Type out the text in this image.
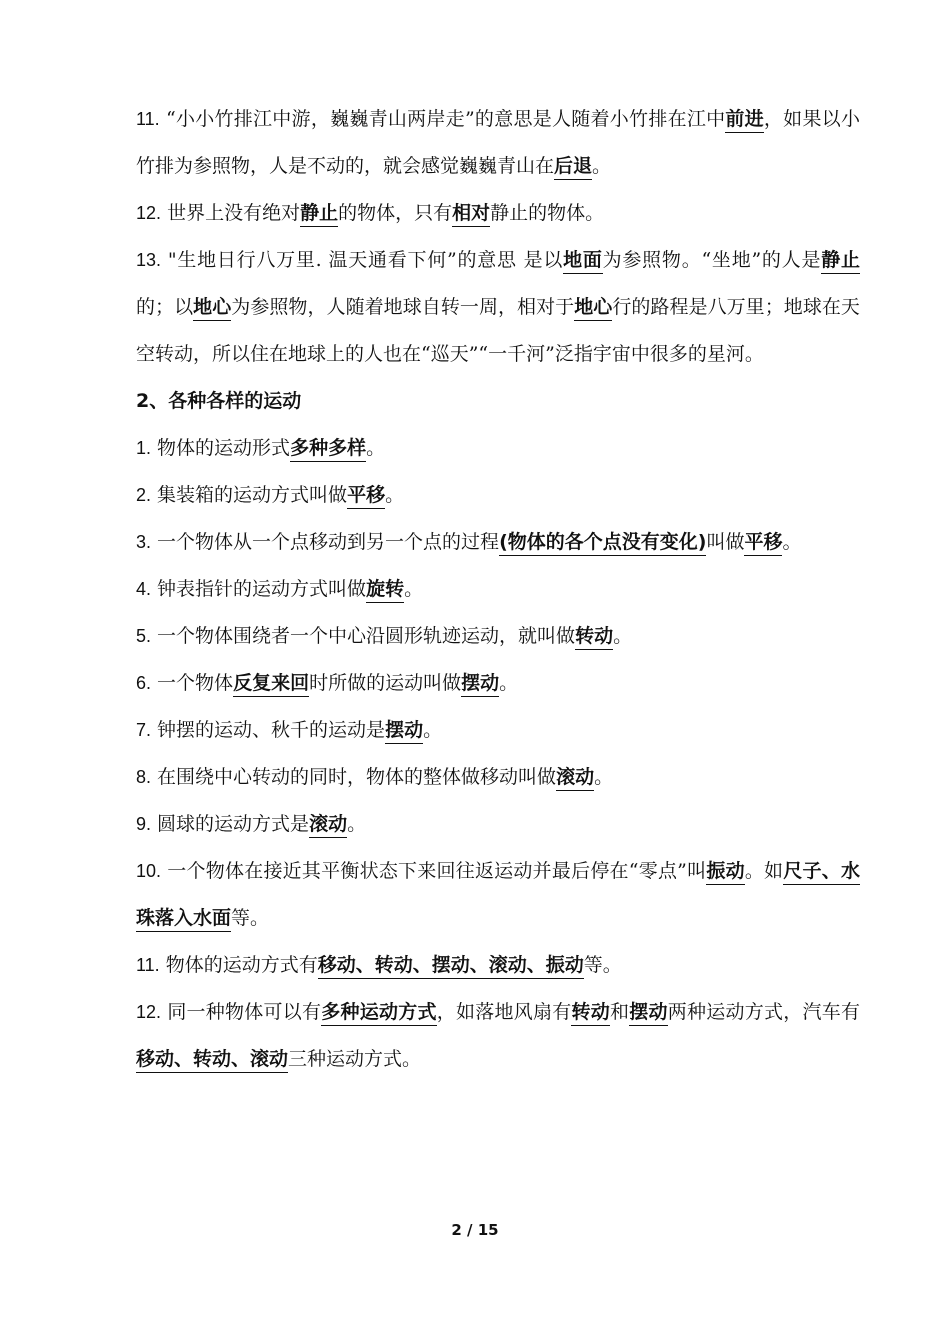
11. “小小竹排江中游，巍巍青山两岸走”的意思是人随着小竹排在江中前进，如果以小竹排为参照物，人是不动的，就会感觉巍巍青山在后退。

12. 世界上没有绝对静止的物体，只有相对静止的物体。

13. "生地日行八万里. 温天通看下何”的意思 是以地面为参照物。“坐地”的人是静止的；以地心为参照物，人随着地球自转一周，相对于地心行的路程是八万里；地球在天空转动，所以住在地球上的人也在“巡天”“一千河”泛指宇宙中很多的星河。

2、各种各样的运动

1. 物体的运动形式多种多样。

2. 集装箱的运动方式叫做平移。

3. 一个物体从一个点移动到另一个点的过程(物体的各个点没有变化)叫做平移。

4. 钟表指针的运动方式叫做旋转。

5. 一个物体围绕者一个中心沿圆形轨迹运动，就叫做转动。

6. 一个物体反复来回时所做的运动叫做摆动。

7. 钟摆的运动、秋千的运动是摆动。

8. 在围绕中心转动的同时，物体的整体做移动叫做滚动。

9. 圆球的运动方式是滚动。

10. 一个物体在接近其平衡状态下来回往返运动并最后停在“零点”叫振动。如尺子、水珠落入水面等。

11. 物体的运动方式有移动、转动、摆动、滚动、振动等。

12. 同一种物体可以有多种运动方式，如落地风扇有转动和摆动两种运动方式，汽车有移动、转动、滚动三种运动方式。

2 / 15
